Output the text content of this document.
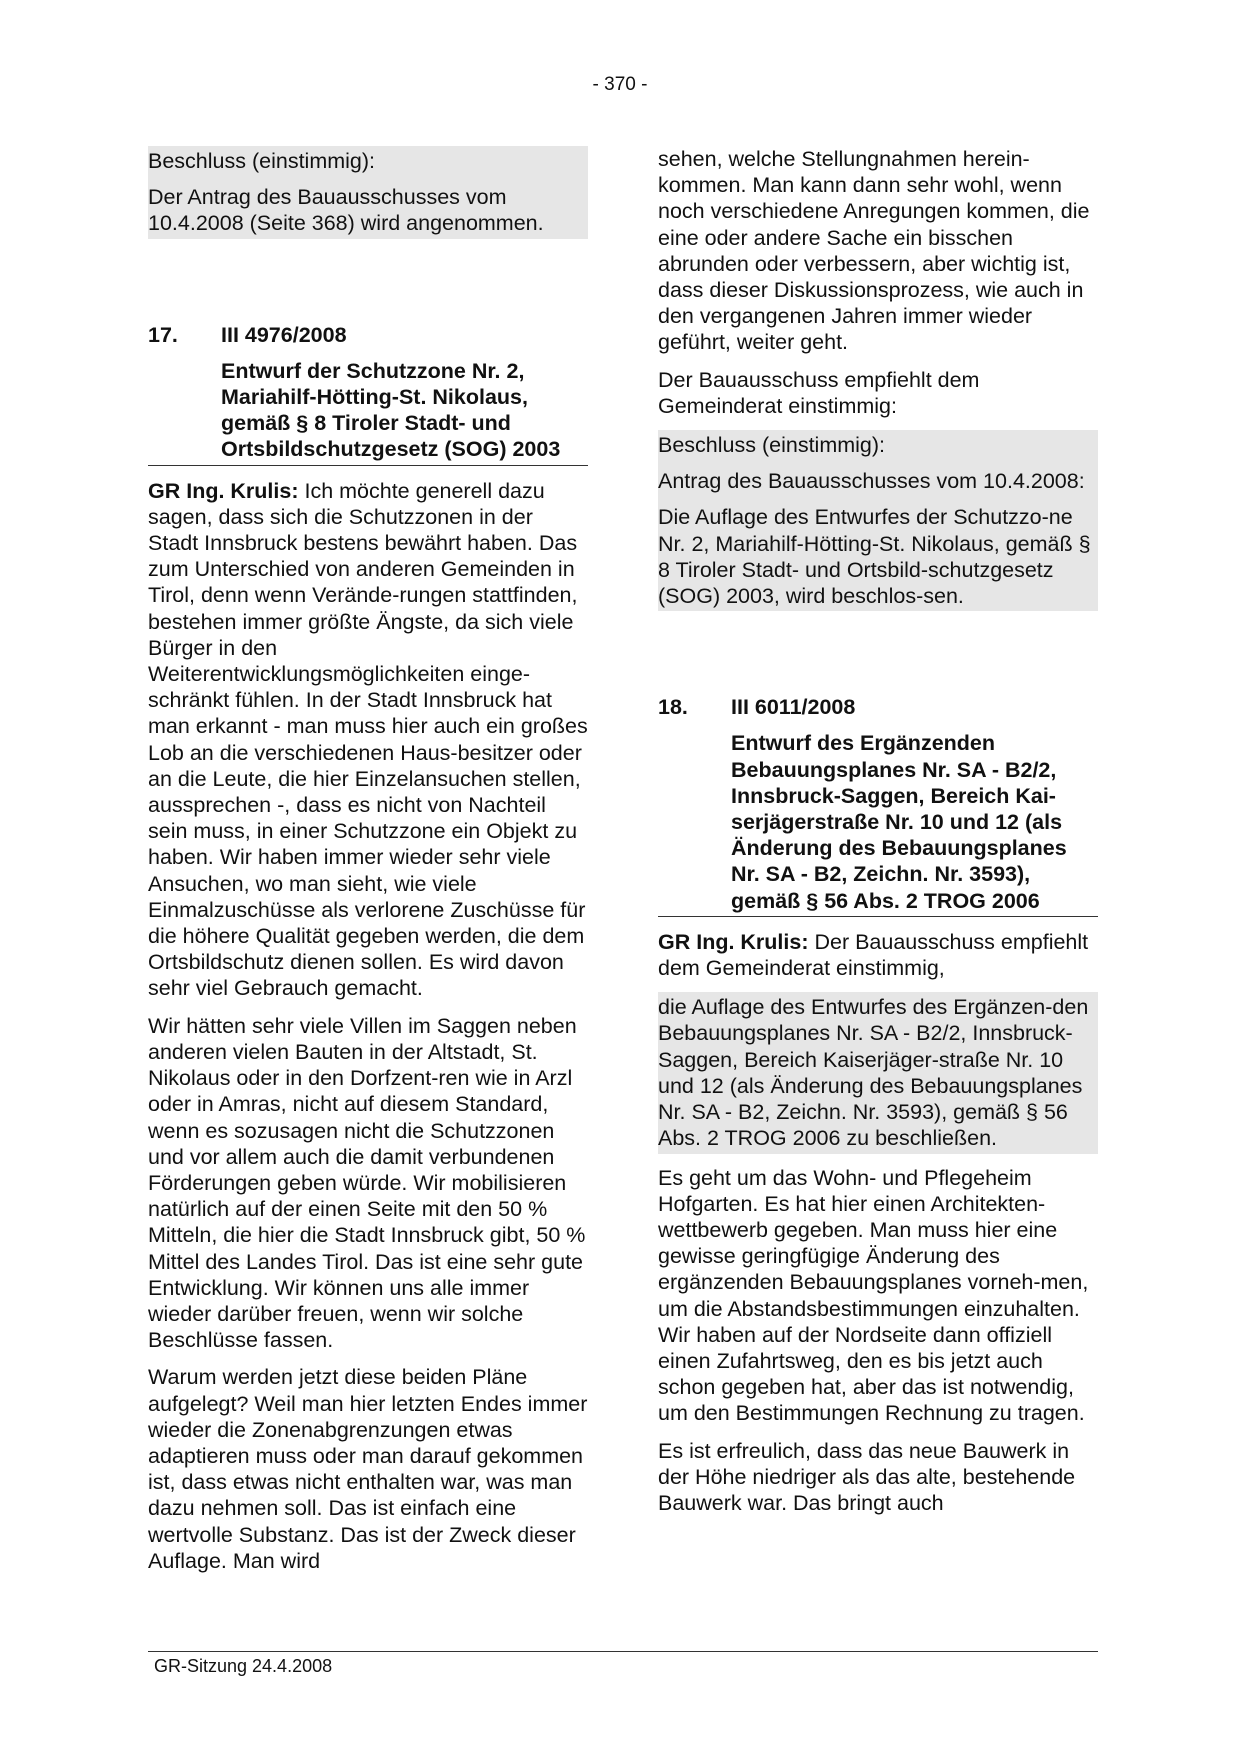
- 370 -

Beschluss (einstimmig):

Der Antrag des Bauausschusses vom 10.4.2008 (Seite 368) wird angenommen.

17.	III 4976/2008
Entwurf der Schutzzone Nr. 2, Mariahilf-Hötting-St. Nikolaus, gemäß § 8 Tiroler Stadt- und Ortsbildschutzgesetz (SOG) 2003

GR Ing. Krulis: Ich möchte generell dazu sagen, dass sich die Schutzzonen in der Stadt Innsbruck bestens bewährt haben. Das zum Unterschied von anderen Gemeinden in Tirol, denn wenn Verände-rungen stattfinden, bestehen immer größte Ängste, da sich viele Bürger in den Weiterentwicklungsmöglichkeiten einge-schränkt fühlen. In der Stadt Innsbruck hat man erkannt - man muss hier auch ein großes Lob an die verschiedenen Haus-besitzer oder an die Leute, die hier Einzelansuchen stellen, aussprechen -, dass es nicht von Nachteil sein muss, in einer Schutzzone ein Objekt zu haben. Wir haben immer wieder sehr viele Ansuchen, wo man sieht, wie viele Einmalzuschüsse als verlorene Zuschüsse für die höhere Qualität gegeben werden, die dem Ortsbildschutz dienen sollen. Es wird davon sehr viel Gebrauch gemacht.

Wir hätten sehr viele Villen im Saggen neben anderen vielen Bauten in der Altstadt, St. Nikolaus oder in den Dorfzent-ren wie in Arzl oder in Amras, nicht auf diesem Standard, wenn es sozusagen nicht die Schutzzonen und vor allem auch die damit verbundenen Förderungen geben würde. Wir mobilisieren natürlich auf der einen Seite mit den 50 % Mitteln, die hier die Stadt Innsbruck gibt, 50 % Mittel des Landes Tirol. Das ist eine sehr gute Entwicklung. Wir können uns alle immer wieder darüber freuen, wenn wir solche Beschlüsse fassen.

Warum werden jetzt diese beiden Pläne aufgelegt? Weil man hier letzten Endes immer wieder die Zonenabgrenzungen etwas adaptieren muss oder man darauf gekommen ist, dass etwas nicht enthalten war, was man dazu nehmen soll. Das ist einfach eine wertvolle Substanz. Das ist der Zweck dieser Auflage. Man wird

sehen, welche Stellungnahmen herein-kommen. Man kann dann sehr wohl, wenn noch verschiedene Anregungen kommen, die eine oder andere Sache ein bisschen abrunden oder verbessern, aber wichtig ist, dass dieser Diskussionsprozess, wie auch in den vergangenen Jahren immer wieder geführt, weiter geht.

Der Bauausschuss empfiehlt dem Gemeinderat einstimmig:

Beschluss (einstimmig):

Antrag des Bauausschusses vom 10.4.2008:

Die Auflage des Entwurfes der Schutzzo-ne Nr. 2, Mariahilf-Hötting-St. Nikolaus, gemäß § 8 Tiroler Stadt- und Ortsbild-schutzgesetz (SOG) 2003, wird beschlos-sen.

18.	III 6011/2008
Entwurf des Ergänzenden Bebauungsplanes Nr. SA - B2/2, Innsbruck-Saggen, Bereich Kai-serjägerstraße Nr. 10 und 12 (als Änderung des Bebauungsplanes Nr. SA - B2, Zeichn. Nr. 3593), gemäß § 56 Abs. 2 TROG 2006

GR Ing. Krulis: Der Bauausschuss empfiehlt dem Gemeinderat einstimmig,

die Auflage des Entwurfes des Ergänzen-den Bebauungsplanes Nr. SA - B2/2, Innsbruck-Saggen, Bereich Kaiserjäger-straße Nr. 10 und 12 (als Änderung des Bebauungsplanes Nr. SA - B2, Zeichn. Nr. 3593), gemäß § 56 Abs. 2 TROG 2006 zu beschließen.

Es geht um das Wohn- und Pflegeheim Hofgarten. Es hat hier einen Architekten-wettbewerb gegeben. Man muss hier eine gewisse geringfügige Änderung des ergänzenden Bebauungsplanes vorneh-men, um die Abstandsbestimmungen einzuhalten. Wir haben auf der Nordseite dann offiziell einen Zufahrtsweg, den es bis jetzt auch schon gegeben hat, aber das ist notwendig, um den Bestimmungen Rechnung zu tragen.

Es ist erfreulich, dass das neue Bauwerk in der Höhe niedriger als das alte, bestehende Bauwerk war. Das bringt auch

GR-Sitzung 24.4.2008
